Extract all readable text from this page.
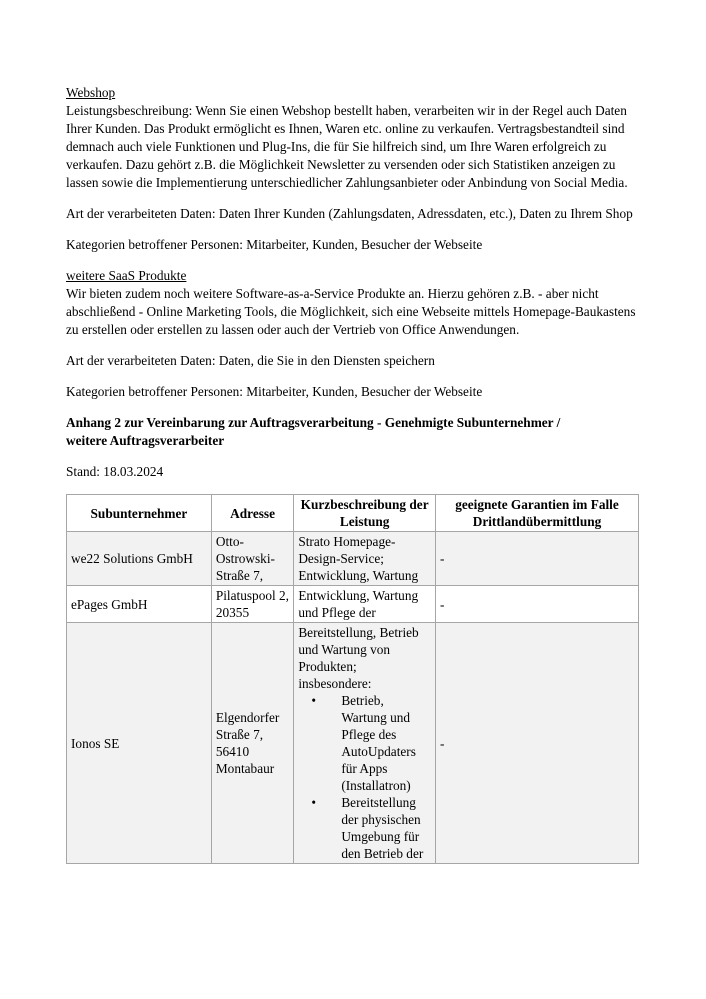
Webshop
Leistungsbeschreibung: Wenn Sie einen Webshop bestellt haben, verarbeiten wir in der Regel auch Daten Ihrer Kunden. Das Produkt ermöglicht es Ihnen, Waren etc. online zu verkaufen. Vertragsbestandteil sind demnach auch viele Funktionen und Plug-Ins, die für Sie hilfreich sind, um Ihre Waren erfolgreich zu verkaufen. Dazu gehört z.B. die Möglichkeit Newsletter zu versenden oder sich Statistiken anzeigen zu lassen sowie die Implementierung unterschiedlicher Zahlungsanbieter oder Anbindung von Social Media.

Art der verarbeiteten Daten: Daten Ihrer Kunden (Zahlungsdaten, Adressdaten, etc.), Daten zu Ihrem Shop

Kategorien betroffener Personen: Mitarbeiter, Kunden, Besucher der Webseite

weitere SaaS Produkte
Wir bieten zudem noch weitere Software-as-a-Service Produkte an. Hierzu gehören z.B. - aber nicht abschließend - Online Marketing Tools, die Möglichkeit, sich eine Webseite mittels Homepage-Baukastens zu erstellen oder erstellen zu lassen oder auch der Vertrieb von Office Anwendungen.

Art der verarbeiteten Daten: Daten, die Sie in den Diensten speichern

Kategorien betroffener Personen: Mitarbeiter, Kunden, Besucher der Webseite

Anhang 2 zur Vereinbarung zur Auftragsverarbeitung - Genehmigte Subunternehmer /
weitere Auftragsverarbeiter

Stand: 18.03.2024

Subunternehmer	Adresse	Kurzbeschreibung der Leistung	geeignete Garantien im Falle Drittlandübermittlung
we22 Solutions GmbH	Otto-Ostrowski-Straße 7,	Strato Homepage-Design-Service; Entwicklung, Wartung	-
ePages GmbH	Pilatuspool 2, 20355	Entwicklung, Wartung und Pflege der	-
Ionos SE	Elgendorfer Straße 7, 56410 Montabaur	Bereitstellung, Betrieb und Wartung von Produkten; insbesondere:
• Betrieb, Wartung und Pflege des AutoUpdaters für Apps (Installatron)
• Bereitstellung der physischen Umgebung für den Betrieb der	-
